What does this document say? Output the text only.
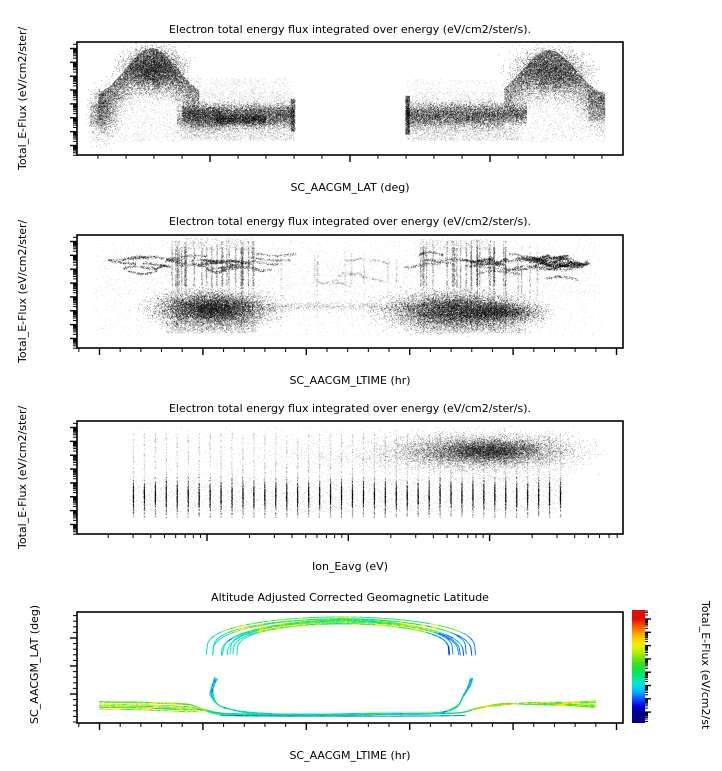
Electron total energy flux integrated over energy (eV/cm2/ster/s).
Electron total energy flux integrated over energy (eV/cm2/ster/s).
Electron total energy flux integrated over energy (eV/cm2/ster/s).
Altitude Adjusted Corrected Geomagnetic Latitude
SC_AACGM_LAT (deg)
SC_AACGM_LTIME (hr)
Ion_Eavg (eV)
SC_AACGM_LTIME (hr)
Total_E-Flux (eV/cm2/ster/
Total_E-Flux (eV/cm2/ster/
Total_E-Flux (eV/cm2/ster/
SC_AACGM_LAT (deg)	Total_E-Flux (eV/cm2/st
